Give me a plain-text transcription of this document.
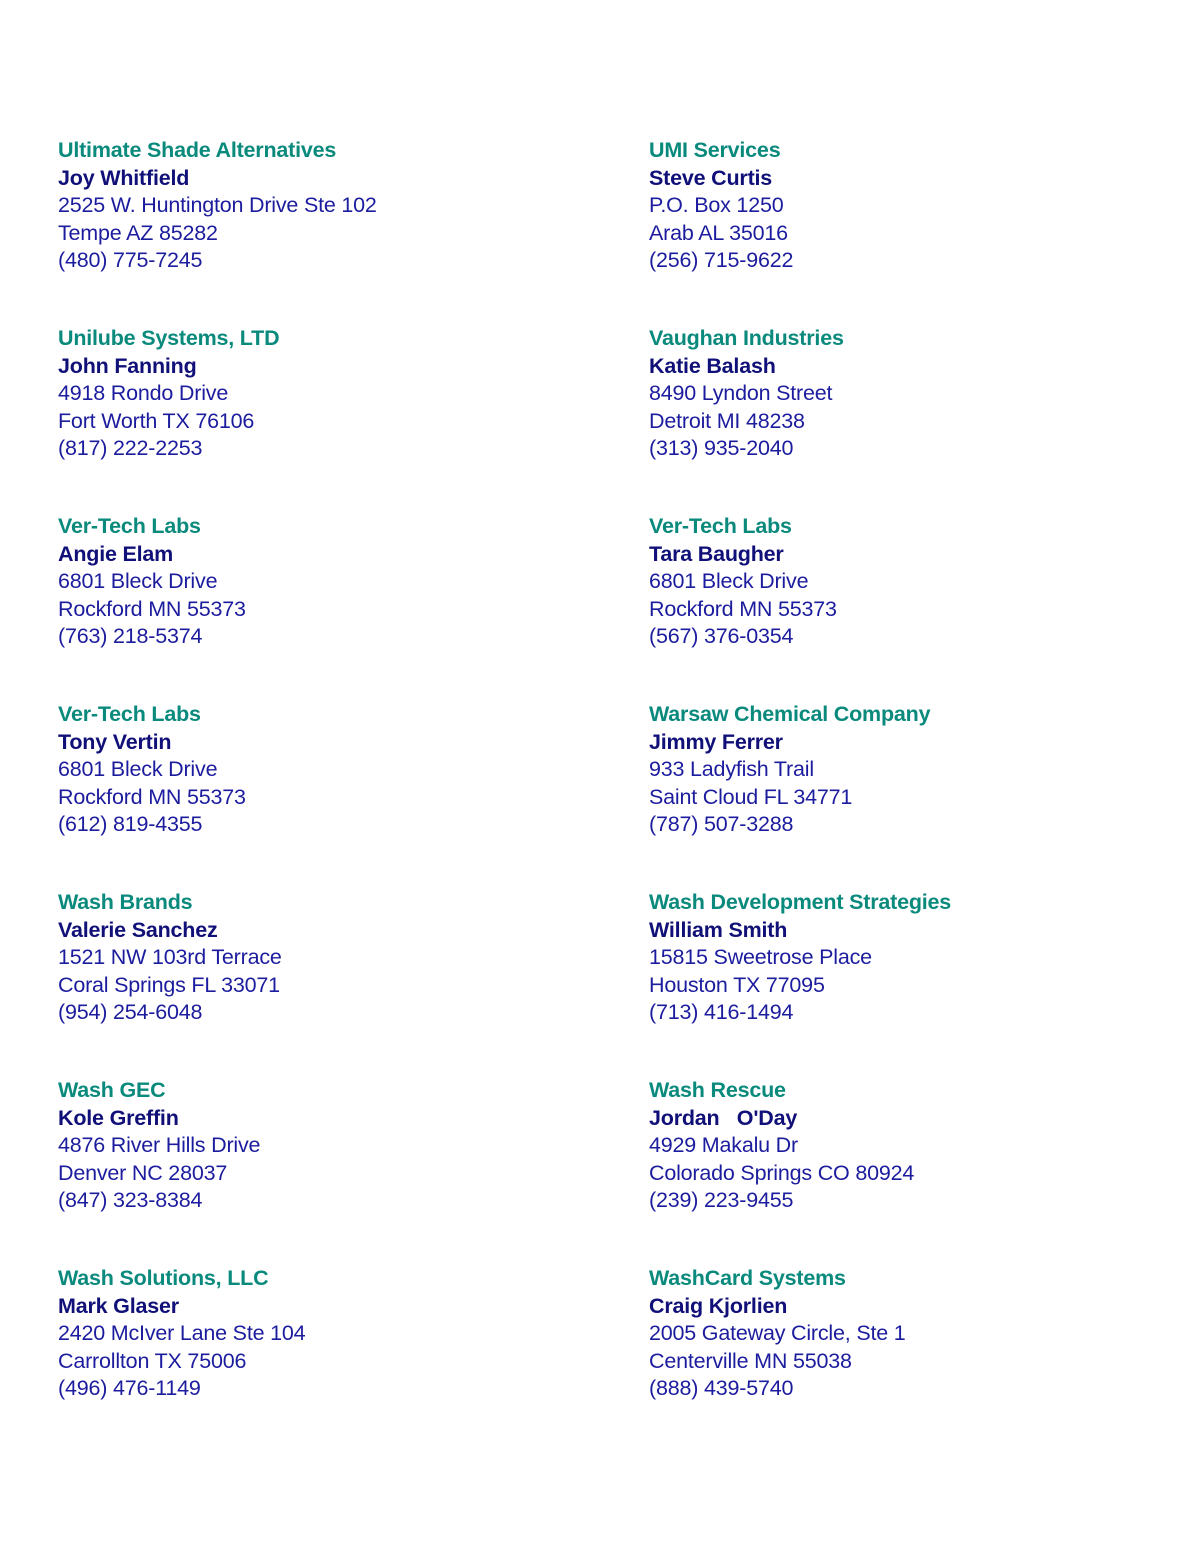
Ultimate Shade Alternatives
Joy Whitfield
2525 W. Huntington Drive Ste 102
Tempe AZ 85282
(480) 775-7245
UMI Services
Steve Curtis
P.O. Box 1250
Arab AL 35016
(256) 715-9622
Unilube Systems, LTD
John Fanning
4918 Rondo Drive
Fort Worth TX 76106
(817) 222-2253
Vaughan Industries
Katie Balash
8490 Lyndon Street
Detroit MI 48238
(313) 935-2040
Ver-Tech Labs
Angie Elam
6801 Bleck Drive
Rockford MN 55373
(763) 218-5374
Ver-Tech Labs
Tara Baugher
6801 Bleck Drive
Rockford MN 55373
(567) 376-0354
Ver-Tech Labs
Tony Vertin
6801 Bleck Drive
Rockford MN 55373
(612) 819-4355
Warsaw Chemical Company
Jimmy Ferrer
933 Ladyfish Trail
Saint Cloud FL 34771
(787) 507-3288
Wash Brands
Valerie Sanchez
1521 NW 103rd Terrace
Coral Springs FL 33071
(954) 254-6048
Wash Development Strategies
William Smith
15815 Sweetrose Place
Houston TX 77095
(713) 416-1494
Wash GEC
Kole Greffin
4876 River Hills Drive
Denver NC 28037
(847) 323-8384
Wash Rescue
Jordan   O'Day
4929 Makalu Dr
Colorado Springs CO 80924
(239) 223-9455
Wash Solutions, LLC
Mark Glaser
2420 McIver Lane Ste 104
Carrollton TX 75006
(496) 476-1149
WashCard Systems
Craig Kjorlien
2005 Gateway Circle, Ste 1
Centerville MN 55038
(888) 439-5740
